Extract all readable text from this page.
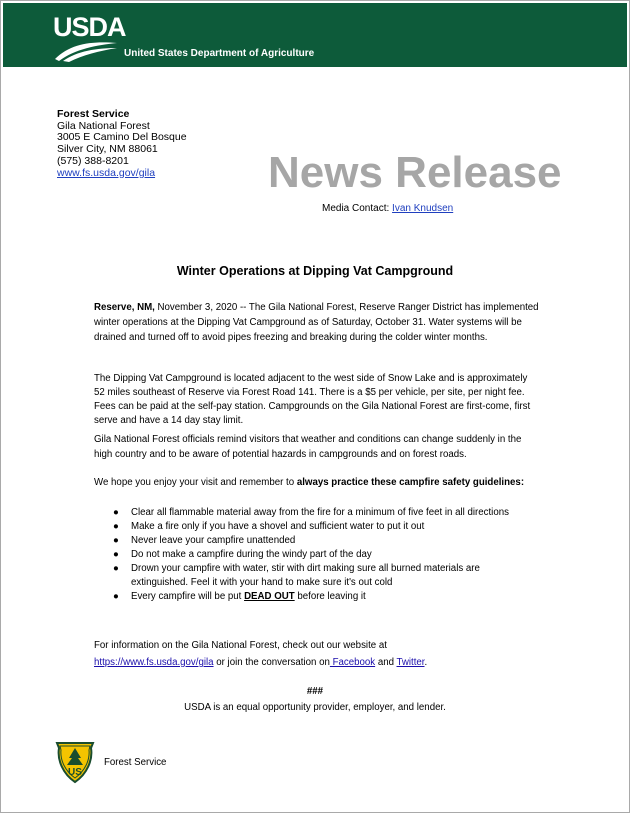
USDA
United States Department of Agriculture
Forest Service
Gila National Forest
3005 E Camino Del Bosque
Silver City, NM 88061
(575) 388-8201
www.fs.usda.gov/gila	News Release
Media Contact: Ivan Knudsen
Winter Operations at Dipping Vat Campground
Reserve, NM, November 3, 2020 -- The Gila National Forest, Reserve Ranger District has implemented winter operations at the Dipping Vat Campground as of Saturday, October 31. Water systems will be drained and turned off to avoid pipes freezing and breaking during the colder winter months.
The Dipping Vat Campground is located adjacent to the west side of Snow Lake and is approximately 52 miles southeast of Reserve via Forest Road 141. There is a $5 per vehicle, per site, per night fee. Fees can be paid at the self-pay station. Campgrounds on the Gila National Forest are first-come, first serve and have a 14 day stay limit.
Gila National Forest officials remind visitors that weather and conditions can change suddenly in the high country and to be aware of potential hazards in campgrounds and on forest roads.
We hope you enjoy your visit and remember to always practice these campfire safety guidelines:
● Clear all flammable material away from the fire for a minimum of five feet in all directions
● Make a fire only if you have a shovel and sufficient water to put it out
● Never leave your campfire unattended
● Do not make a campfire during the windy part of the day
● Drown your campfire with water, stir with dirt making sure all burned materials are extinguished. Feel it with your hand to make sure it's out cold
● Every campfire will be put DEAD OUT before leaving it
For information on the Gila National Forest, check out our website at
https://www.fs.usda.gov/gila or join the conversation on Facebook and Twitter.
###
USDA is an equal opportunity provider, employer, and lender.
US
Forest Service
